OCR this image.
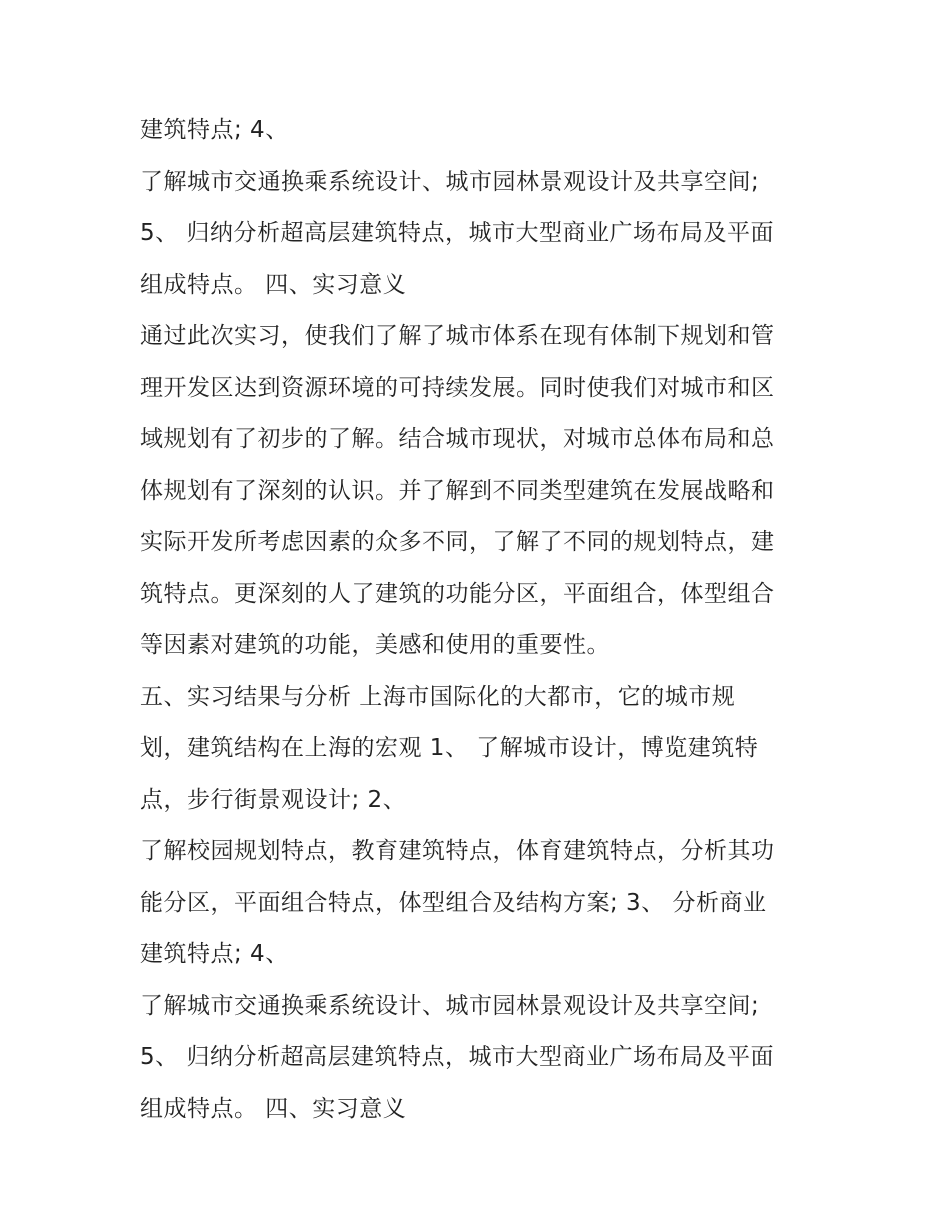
建筑特点; 4、
了解城市交通换乘系统设计、城市园林景观设计及共享空间;
5、 归纳分析超高层建筑特点，城市大型商业广场布局及平面
组成特点。 四、实习意义
通过此次实习，使我们了解了城市体系在现有体制下规划和管
理开发区达到资源环境的可持续发展。同时使我们对城市和区
域规划有了初步的了解。结合城市现状，对城市总体布局和总
体规划有了深刻的认识。并了解到不同类型建筑在发展战略和
实际开发所考虑因素的众多不同，了解了不同的规划特点，建
筑特点。更深刻的人了建筑的功能分区，平面组合，体型组合
等因素对建筑的功能，美感和使用的重要性。
五、实习结果与分析 上海市国际化的大都市，它的城市规
划，建筑结构在上海的宏观 1、 了解城市设计，博览建筑特
点，步行街景观设计; 2、
了解校园规划特点，教育建筑特点，体育建筑特点，分析其功
能分区，平面组合特点，体型组合及结构方案; 3、 分析商业
建筑特点; 4、
了解城市交通换乘系统设计、城市园林景观设计及共享空间;
5、 归纳分析超高层建筑特点，城市大型商业广场布局及平面
组成特点。 四、实习意义
